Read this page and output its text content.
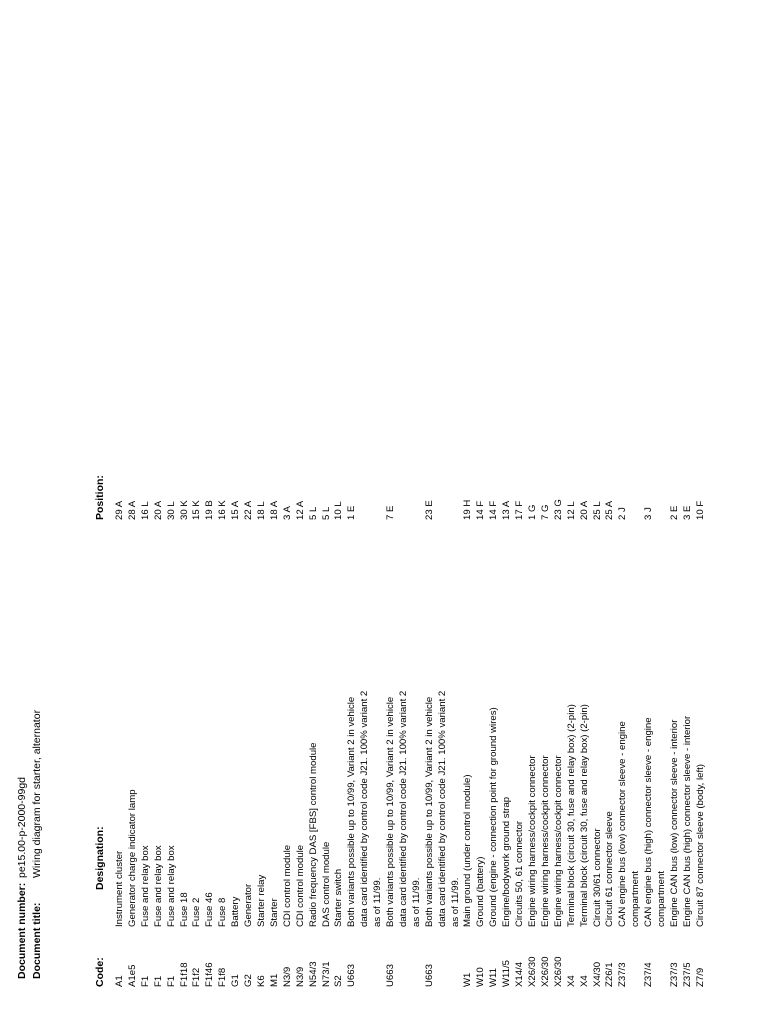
Document number:
pe15.00-p-2000-99gd
Document title:
Wiring diagram for starter, alternator
Code:
Designation:
Position:
A1
Instrument cluster
29 A
A1e5
Generator charge indicator lamp
28 A
F1
Fuse and relay box
16 L
F1
Fuse and relay box
20 A
F1
Fuse and relay box
30 L
F1f18
Fuse 18
30 K
F1f2
Fuse 2
15 K
F1f46
Fuse 46
19 B
F1f8
Fuse 8
16 K
G1
Battery
15 A
G2
Generator
22 A
K6
Starter relay
18 L
M1
Starter
18 A
N3/9
CDI control module
3 A
N3/9
CDI control module
12 A
N54/3
Radio frequency DAS [FBS] control module
5 L
N73/1
DAS control module
5 L
S2
Starter switch
10 L
U663
Both variants possible up to 10/99, Variant 2 in vehicle data card identified by control code J21. 100% variant 2 as of 11/99.
1 E
U663
Both variants possible up to 10/99, Variant 2 in vehicle data card identified by control code J21. 100% variant 2 as of 11/99.
7 E
U663
Both variants possible up to 10/99, Variant 2 in vehicle data card identified by control code J21. 100% variant 2 as of 11/99.
23 E
W1
Main ground (under control module)
19 H
W10
Ground (battery)
14 F
W11
Ground (engine - connection point for ground wires)
14 F
W11/5
Engine/bodywork ground strap
13 A
X14/4
Circuits 50, 61 connector
17 F
X26/30
Engine wiring harness/cockpit connector
1 G
X26/30
Engine wiring harness/cockpit connector
7 G
X26/30
Engine wiring harness/cockpit connector
23 G
X4
Terminal block (circuit 30, fuse and relay box) (2-pin)
12 L
X4
Terminal block (circuit 30, fuse and relay box) (2-pin)
20 A
X4/30
Circuit 30/61 connector
25 L
Z26/1
Circuit 61 connector sleeve
25 A
Z37/3
CAN engine bus (low) connector sleeve - engine compartment
2 J
Z37/4
CAN engine bus (high) connector sleeve - engine compartment
3 J
Z37/3
Engine CAN bus (low) connector sleeve - interior
2 E
Z37/5
Engine CAN bus (high) connector sleeve - interior
3 E
Z7/9
Circuit 87 connector sleeve (body, left)
10 F
